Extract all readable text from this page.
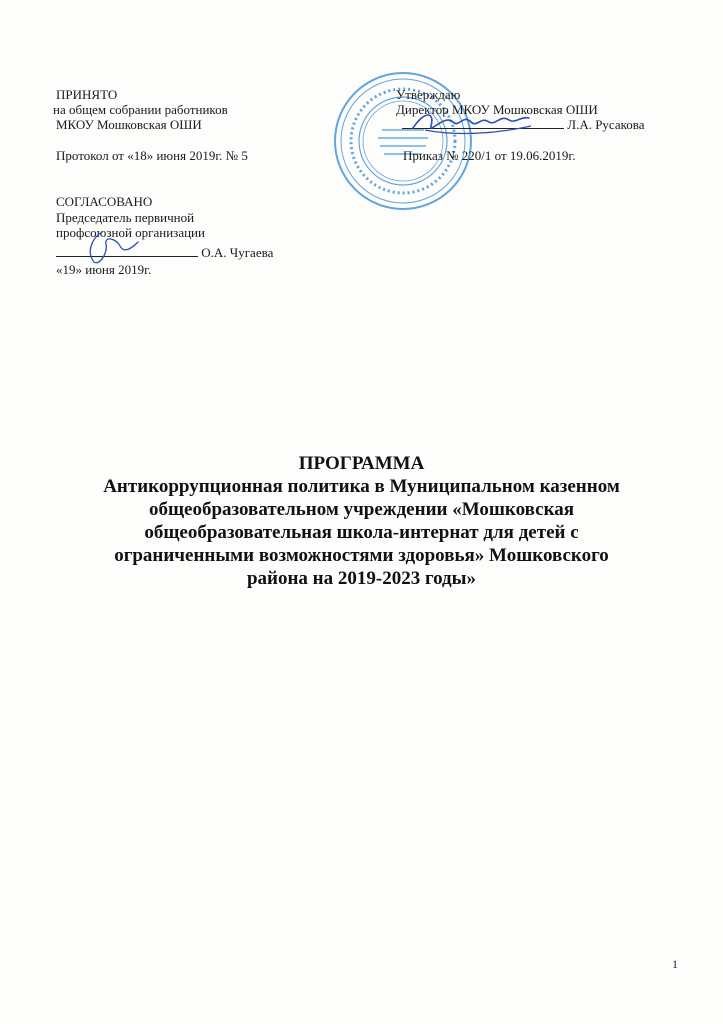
ПРИНЯТО
на общем собрании работников
МКОУ Мошковская ОШИ
Протокол от «18» июня 2019г. № 5
СОГЛАСОВАНО
Председатель первичной
профсоюзной организации
О.А. Чугаева
«19» июня 2019г.
Утверждаю
Директор МКОУ Мошковская ОШИ
Л.А. Русакова
Приказ № 220/1 от 19.06.2019г.
ПРОГРАММА
Антикоррупционная политика в Муниципальном казенном
общеобразовательном учреждении «Мошковская
общеобразовательная школа-интернат для детей с
ограниченными возможностями здоровья» Мошковского
района на 2019-2023 годы»
1
